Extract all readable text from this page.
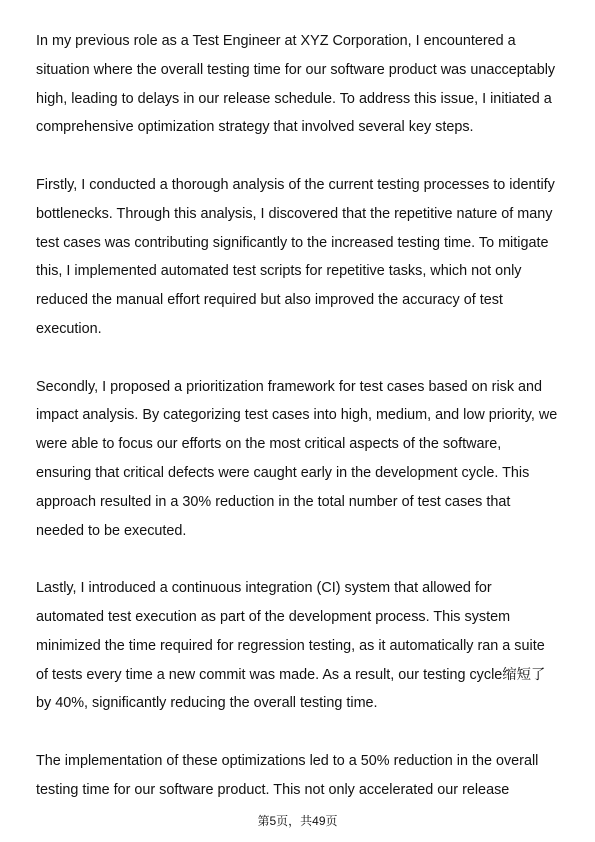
In my previous role as a Test Engineer at XYZ Corporation, I encountered a
situation where the overall testing time for our software product was unacceptably
high, leading to delays in our release schedule. To address this issue, I initiated a
comprehensive optimization strategy that involved several key steps.
Firstly, I conducted a thorough analysis of the current testing processes to identify
bottlenecks. Through this analysis, I discovered that the repetitive nature of many
test cases was contributing significantly to the increased testing time. To mitigate
this, I implemented automated test scripts for repetitive tasks, which not only
reduced the manual effort required but also improved the accuracy of test
execution.
Secondly, I proposed a prioritization framework for test cases based on risk and
impact analysis. By categorizing test cases into high, medium, and low priority, we
were able to focus our efforts on the most critical aspects of the software,
ensuring that critical defects were caught early in the development cycle. This
approach resulted in a 30% reduction in the total number of test cases that
needed to be executed.
Lastly, I introduced a continuous integration (CI) system that allowed for
automated test execution as part of the development process. This system
minimized the time required for regression testing, as it automatically ran a suite
of tests every time a new commit was made. As a result, our testing cycle缩短了
by 40%, significantly reducing the overall testing time.
The implementation of these optimizations led to a 50% reduction in the overall
testing time for our software product. This not only accelerated our release
第5页，共49页
